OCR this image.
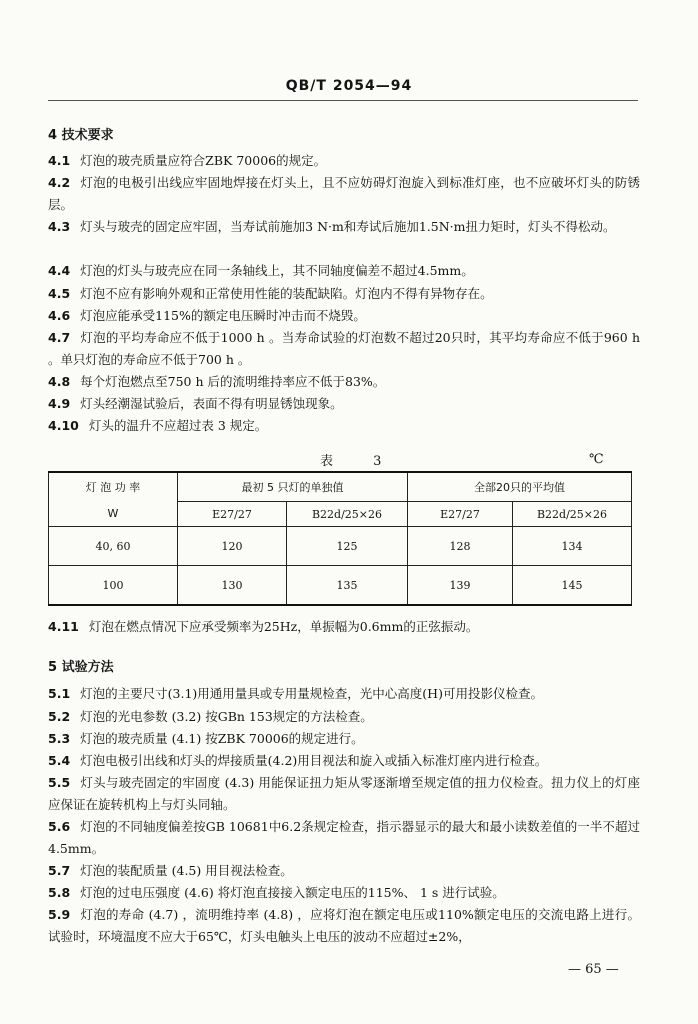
QB/T 2054—94
4 技术要求
4.1 灯泡的玻壳质量应符合ZBK 70006的规定。
4.2 灯泡的电极引出线应牢固地焊接在灯头上，且不应妨碍灯泡旋入到标准灯座，也不应破坏灯头的防锈层。
4.3 灯头与玻壳的固定应牢固，当寿试前施加3 N·m和寿试后施加1.5N·m扭力矩时，灯头不得松动。
4.4 灯泡的灯头与玻壳应在同一条轴线上，其不同轴度偏差不超过4.5mm。
4.5 灯泡不应有影响外观和正常使用性能的装配缺陷。灯泡内不得有异物存在。
4.6 灯泡应能承受115%的额定电压瞬时冲击而不烧毁。
4.7 灯泡的平均寿命应不低于1000 h 。当寿命试验的灯泡数不超过20只时，其平均寿命应不低于960 h 。单只灯泡的寿命应不低于700 h 。
4.8 每个灯泡燃点至750 h 后的流明维持率应不低于83%。
4.9 灯头经潮湿试验后，表面不得有明显锈蚀现象。
4.10 灯头的温升不应超过表 3 规定。
表 3	℃
灯 泡 功 率	最初 5 只灯的单独值		全部20只的平均值	
W	E27/27	B22d/25×26	E27/27	B22d/25×26
40, 60	120	125	128	134
100	130	135	139	145
4.11 灯泡在燃点情况下应承受频率为25Hz，单振幅为0.6mm的正弦振动。
5 试验方法
5.1 灯泡的主要尺寸(3.1)用通用量具或专用量规检查，光中心高度(H)可用投影仪检查。
5.2 灯泡的光电参数 (3.2) 按GBn 153规定的方法检查。
5.3 灯泡的玻壳质量 (4.1) 按ZBK 70006的规定进行。
5.4 灯泡电极引出线和灯头的焊接质量(4.2)用目视法和旋入或插入标准灯座内进行检查。
5.5 灯头与玻壳固定的牢固度 (4.3) 用能保证扭力矩从零逐渐增至规定值的扭力仪检查。扭力仪上的灯座应保证在旋转机构上与灯头同轴。
5.6 灯泡的不同轴度偏差按GB 10681中6.2条规定检查，指示器显示的最大和最小读数差值的一半不超过4.5mm。
5.7 灯泡的装配质量 (4.5) 用目视法检查。
5.8 灯泡的过电压强度 (4.6) 将灯泡直接接入额定电压的115%、 1 s 进行试验。
5.9 灯泡的寿命 (4.7) ，流明维持率 (4.8) ，应将灯泡在额定电压或110%额定电压的交流电路上进行。试验时，环境温度不应大于65℃，灯头电触头上电压的波动不应超过±2%，
— 65 —
